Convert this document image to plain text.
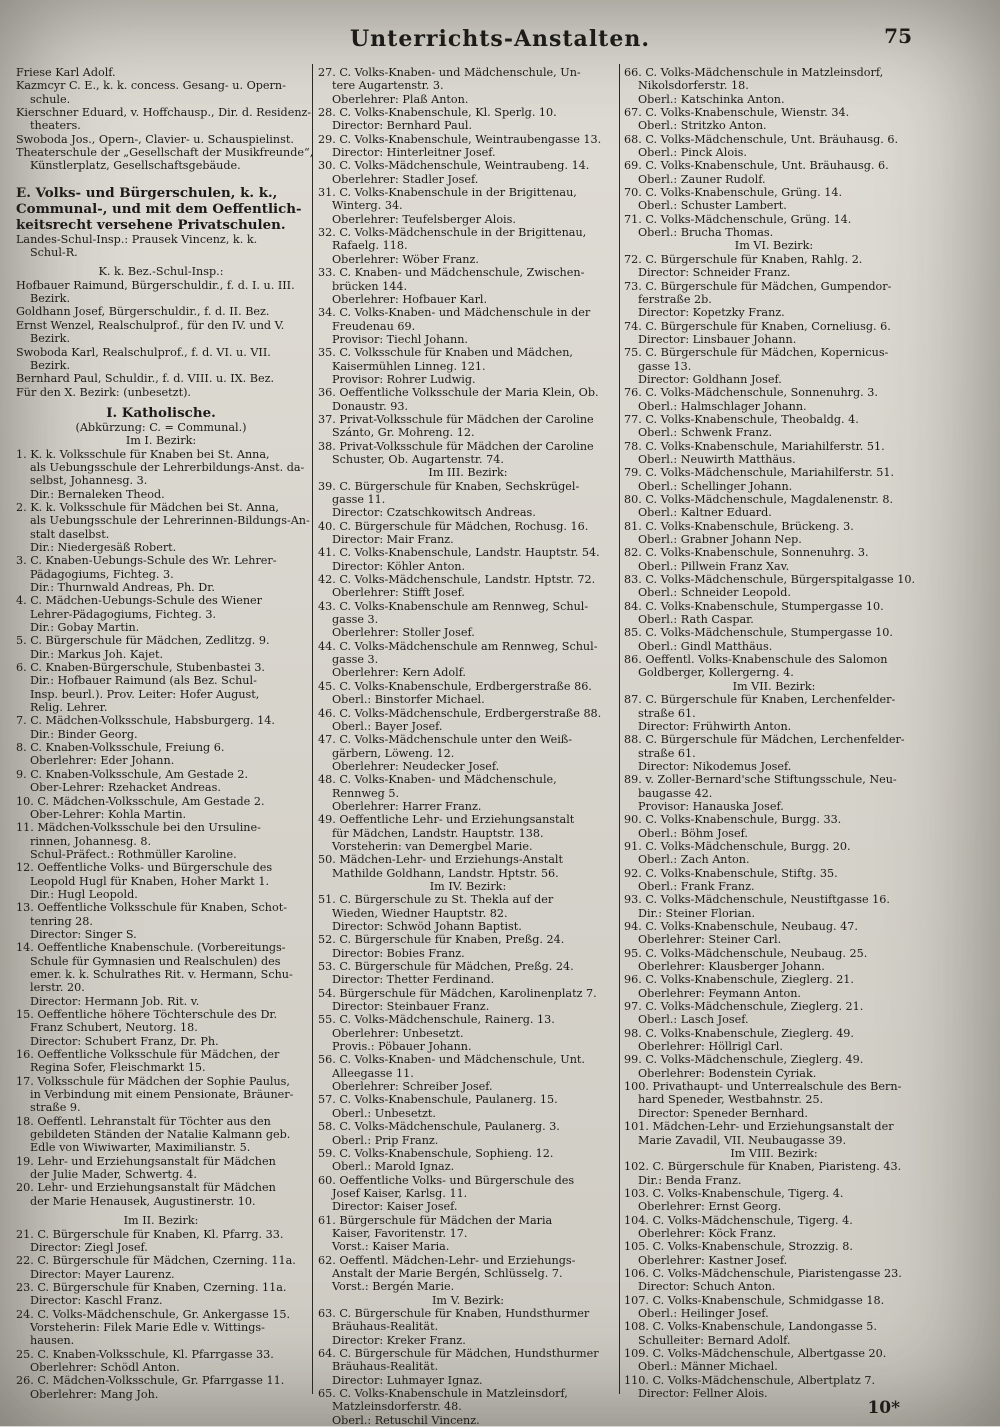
Unterrichts-Anstalten.	75
Friese Karl Adolf.
Kazmcyr C. E., k. k. concess. Gesang- u. Opern-
schule.
Kierschner Eduard, v. Hoffchausp., Dir. d. Residenz-
theaters.
Swoboda Jos., Opern-, Clavier- u. Schauspielinst.
Theaterschule der „Gesellschaft der Musikfreunde“,
Künstlerplatz, Gesellschaftsgebäude.
E. Volks- und Bürgerschulen, k. k.,
Communal-, und mit dem Oeffentlich-
keitsrecht versehene Privatschulen.
Landes-Schul-Insp.: Prausek Vincenz, k. k.
Schul-R.
K. k. Bez.-Schul-Insp.:
Hofbauer Raimund, Bürgerschuldir., f. d. I. u. III.
Bezirk.
Goldhann Josef, Bürgerschuldir., f. d. II. Bez.
Ernst Wenzel, Realschulprof., für den IV. und V.
Bezirk.
Swoboda Karl, Realschulprof., f. d. VI. u. VII.
Bezirk.
Bernhard Paul, Schuldir., f. d. VIII. u. IX. Bez.
Für den X. Bezirk: (unbesetzt).
I. Katholische.
(Abkürzung: C. = Communal.)
Im I. Bezirk:
1. K. k. Volksschule für Knaben bei St. Anna,
als Uebungsschule der Lehrerbildungs-Anst. da-
selbst, Johannesg. 3.
Dir.: Bernaleken Theod.
2. K. k. Volksschule für Mädchen bei St. Anna,
als Uebungsschule der Lehrerinnen-Bildungs-An-
stalt daselbst.
Dir.: Niedergesäß Robert.
3. C. Knaben-Uebungs-Schule des Wr. Lehrer-
Pädagogiums, Fichteg. 3.
Dir.: Thurnwald Andreas, Ph. Dr.
4. C. Mädchen-Uebungs-Schule des Wiener
Lehrer-Pädagogiums, Fichteg. 3.
Dir.: Gobay Martin.
5. C. Bürgerschule für Mädchen, Zedlitzg. 9.
Dir.: Markus Joh. Kajet.
6. C. Knaben-Bürgerschule, Stubenbastei 3.
Dir.: Hofbauer Raimund (als Bez. Schul-
Insp. beurl.). Prov. Leiter: Hofer August,
Relig. Lehrer.
7. C. Mädchen-Volksschule, Habsburgerg. 14.
Dir.: Binder Georg.
8. C. Knaben-Volksschule, Freiung 6.
Oberlehrer: Eder Johann.
9. C. Knaben-Volksschule, Am Gestade 2.
Ober-Lehrer: Rzehacket Andreas.
10. C. Mädchen-Volksschule, Am Gestade 2.
Ober-Lehrer: Kohla Martin.
11. Mädchen-Volksschule bei den Ursuline-
rinnen, Johannesg. 8.
Schul-Präfect.: Rothmüller Karoline.
12. Oeffentliche Volks- und Bürgerschule des
Leopold Hugl für Knaben, Hoher Markt 1.
Dir.: Hugl Leopold.
13. Oeffentliche Volksschule für Knaben, Schot-
tenring 28.
Director: Singer S.
14. Oeffentliche Knabenschule. (Vorbereitungs-
Schule für Gymnasien und Realschulen) des
emer. k. k. Schulrathes Rit. v. Hermann, Schu-
lerstr. 20.
Director: Hermann Job. Rit. v.
15. Oeffentliche höhere Töchterschule des Dr.
Franz Schubert, Neutorg. 18.
Director: Schubert Franz, Dr. Ph.
16. Oeffentliche Volksschule für Mädchen, der
Regina Sofer, Fleischmarkt 15.
17. Volksschule für Mädchen der Sophie Paulus,
in Verbindung mit einem Pensionate, Bräuner-
straße 9.
18. Oeffentl. Lehranstalt für Töchter aus den
gebildeten Ständen der Natalie Kalmann geb.
Edle von Wiwiwarter, Maximilianstr. 5.
19. Lehr- und Erziehungsanstalt für Mädchen
der Julie Mader, Schwertg. 4.
20. Lehr- und Erziehungsanstalt für Mädchen
der Marie Henausek, Augustinerstr. 10.
Im II. Bezirk:
21. C. Bürgerschule für Knaben, Kl. Pfarrg. 33.
Director: Ziegl Josef.
22. C. Bürgerschule für Mädchen, Czerning. 11a.
Director: Mayer Laurenz.
23. C. Bürgerschule für Knaben, Czerning. 11a.
Director: Kaschl Franz.
24. C. Volks-Mädchenschule, Gr. Ankergasse 15.
Vorsteherin: Filek Marie Edle v. Wittings-
hausen.
25. C. Knaben-Volksschule, Kl. Pfarrgasse 33.
Oberlehrer: Schödl Anton.
26. C. Mädchen-Volksschule, Gr. Pfarrgasse 11.
Oberlehrer: Mang Joh.
27. C. Volks-Knaben- und Mädchenschule, Un-
tere Augartenstr. 3.
Oberlehrer: Plaß Anton.
28. C. Volks-Knabenschule, Kl. Sperlg. 10.
Director: Bernhard Paul.
29. C. Volks-Knabenschule, Weintraubengasse 13.
Director: Hinterleitner Josef.
30. C. Volks-Mädchenschule, Weintraubeng. 14.
Oberlehrer: Stadler Josef.
31. C. Volks-Knabenschule in der Brigittenau,
Winterg. 34.
Oberlehrer: Teufelsberger Alois.
32. C. Volks-Mädchenschule in der Brigittenau,
Rafaelg. 118.
Oberlehrer: Wöber Franz.
33. C. Knaben- und Mädchenschule, Zwischen-
brücken 144.
Oberlehrer: Hofbauer Karl.
34. C. Volks-Knaben- und Mädchenschule in der
Freudenau 69.
Provisor: Tiechl Johann.
35. C. Volksschule für Knaben und Mädchen,
Kaisermühlen Linneg. 121.
Provisor: Rohrer Ludwig.
36. Oeffentliche Volksschule der Maria Klein, Ob.
Donaustr. 93.
37. Privat-Volksschule für Mädchen der Caroline
Szánto, Gr. Mohreng. 12.
38. Privat-Volksschule für Mädchen der Caroline
Schuster, Ob. Augartenstr. 74.
Im III. Bezirk:
39. C. Bürgerschule für Knaben, Sechskrügel-
gasse 11.
Director: Czatschkowitsch Andreas.
40. C. Bürgerschule für Mädchen, Rochusg. 16.
Director: Mair Franz.
41. C. Volks-Knabenschule, Landstr. Hauptstr. 54.
Director: Köhler Anton.
42. C. Volks-Mädchenschule, Landstr. Hptstr. 72.
Oberlehrer: Stifft Josef.
43. C. Volks-Knabenschule am Rennweg, Schul-
gasse 3.
Oberlehrer: Stoller Josef.
44. C. Volks-Mädchenschule am Rennweg, Schul-
gasse 3.
Oberlehrer: Kern Adolf.
45. C. Volks-Knabenschule, Erdbergerstraße 86.
Oberl.: Binstorfer Michael.
46. C. Volks-Mädchenschule, Erdbergerstraße 88.
Oberl.: Bayer Josef.
47. C. Volks-Mädchenschule unter den Weiß-
gärbern, Löweng. 12.
Oberlehrer: Neudecker Josef.
48. C. Volks-Knaben- und Mädchenschule,
Rennweg 5.
Oberlehrer: Harrer Franz.
49. Oeffentliche Lehr- und Erziehungsanstalt
für Mädchen, Landstr. Hauptstr. 138.
Vorsteherin: van Demergbel Marie.
50. Mädchen-Lehr- und Erziehungs-Anstalt
Mathilde Goldhann, Landstr. Hptstr. 56.
Im IV. Bezirk:
51. C. Bürgerschule zu St. Thekla auf der
Wieden, Wiedner Hauptstr. 82.
Director: Schwöd Johann Baptist.
52. C. Bürgerschule für Knaben, Preßg. 24.
Director: Bobies Franz.
53. C. Bürgerschule für Mädchen, Preßg. 24.
Director: Thetter Ferdinand.
54. Bürgerschule für Mädchen, Karolinenplatz 7.
Director: Steinbauer Franz.
55. C. Volks-Mädchenschule, Rainerg. 13.
Oberlehrer: Unbesetzt.
Provis.: Pöbauer Johann.
56. C. Volks-Knaben- und Mädchenschule, Unt.
Alleegasse 11.
Oberlehrer: Schreiber Josef.
57. C. Volks-Knabenschule, Paulanerg. 15.
Oberl.: Unbesetzt.
58. C. Volks-Mädchenschule, Paulanerg. 3.
Oberl.: Prip Franz.
59. C. Volks-Knabenschule, Sophieng. 12.
Oberl.: Marold Ignaz.
60. Oeffentliche Volks- und Bürgerschule des
Josef Kaiser, Karlsg. 11.
Director: Kaiser Josef.
61. Bürgerschule für Mädchen der Maria
Kaiser, Favoritenstr. 17.
Vorst.: Kaiser Maria.
62. Oeffentl. Mädchen-Lehr- und Erziehungs-
Anstalt der Marie Bergén, Schlüsselg. 7.
Vorst.: Bergén Marie.
Im V. Bezirk:
63. C. Bürgerschule für Knaben, Hundsthurmer
Bräuhaus-Realität.
Director: Kreker Franz.
64. C. Bürgerschule für Mädchen, Hundsthurmer
Bräuhaus-Realität.
Director: Luhmayer Ignaz.
65. C. Volks-Knabenschule in Matzleinsdorf,
Matzleinsdorferstr. 48.
Oberl.: Retuschil Vincenz.
66. C. Volks-Mädchenschule in Matzleinsdorf,
Nikolsdorferstr. 18.
Oberl.: Katschinka Anton.
67. C. Volks-Knabenschule, Wienstr. 34.
Oberl.: Stritzko Anton.
68. C. Volks-Mädchenschule, Unt. Bräuhausg. 6.
Oberl.: Pinck Alois.
69. C. Volks-Knabenschule, Unt. Bräuhausg. 6.
Oberl.: Zauner Rudolf.
70. C. Volks-Knabenschule, Grüng. 14.
Oberl.: Schuster Lambert.
71. C. Volks-Mädchenschule, Grüng. 14.
Oberl.: Brucha Thomas.
Im VI. Bezirk:
72. C. Bürgerschule für Knaben, Rahlg. 2.
Director: Schneider Franz.
73. C. Bürgerschule für Mädchen, Gumpendor-
ferstraße 2b.
Director: Kopetzky Franz.
74. C. Bürgerschule für Knaben, Corneliusg. 6.
Director: Linsbauer Johann.
75. C. Bürgerschule für Mädchen, Kopernicus-
gasse 13.
Director: Goldhann Josef.
76. C. Volks-Mädchenschule, Sonnenuhrg. 3.
Oberl.: Halmschlager Johann.
77. C. Volks-Knabenschule, Theobaldg. 4.
Oberl.: Schwenk Franz.
78. C. Volks-Knabenschule, Mariahilferstr. 51.
Oberl.: Neuwirth Matthäus.
79. C. Volks-Mädchenschule, Mariahilferstr. 51.
Oberl.: Schellinger Johann.
80. C. Volks-Mädchenschule, Magdalenenstr. 8.
Oberl.: Kaltner Eduard.
81. C. Volks-Knabenschule, Brückeng. 3.
Oberl.: Grabner Johann Nep.
82. C. Volks-Knabenschule, Sonnenuhrg. 3.
Oberl.: Pillwein Franz Xav.
83. C. Volks-Mädchenschule, Bürgerspitalgasse 10.
Oberl.: Schneider Leopold.
84. C. Volks-Knabenschule, Stumpergasse 10.
Oberl.: Rath Caspar.
85. C. Volks-Mädchenschule, Stumpergasse 10.
Oberl.: Gindl Matthäus.
86. Oeffentl. Volks-Knabenschule des Salomon
Goldberger, Kollergerng. 4.
Im VII. Bezirk:
87. C. Bürgerschule für Knaben, Lerchenfelder-
straße 61.
Director: Frühwirth Anton.
88. C. Bürgerschule für Mädchen, Lerchenfelder-
straße 61.
Director: Nikodemus Josef.
89. v. Zoller-Bernard'sche Stiftungsschule, Neu-
baugasse 42.
Provisor: Hanauska Josef.
90. C. Volks-Knabenschule, Burgg. 33.
Oberl.: Böhm Josef.
91. C. Volks-Mädchenschule, Burgg. 20.
Oberl.: Zach Anton.
92. C. Volks-Knabenschule, Stiftg. 35.
Oberl.: Frank Franz.
93. C. Volks-Mädchenschule, Neustiftgasse 16.
Dir.: Steiner Florian.
94. C. Volks-Knabenschule, Neubaug. 47.
Oberlehrer: Steiner Carl.
95. C. Volks-Mädchenschule, Neubaug. 25.
Oberlehrer: Klausberger Johann.
96. C. Volks-Knabenschule, Zieglerg. 21.
Oberlehrer: Feymann Anton.
97. C. Volks-Mädchenschule, Zieglerg. 21.
Oberl.: Lasch Josef.
98. C. Volks-Knabenschule, Zieglerg. 49.
Oberlehrer: Höllrigl Carl.
99. C. Volks-Mädchenschule, Zieglerg. 49.
Oberlehrer: Bodenstein Cyriak.
100. Privathaupt- und Unterrealschule des Bern-
hard Speneder, Westbahnstr. 25.
Director: Speneder Bernhard.
101. Mädchen-Lehr- und Erziehungsanstalt der
Marie Zavadil, VII. Neubaugasse 39.
Im VIII. Bezirk:
102. C. Bürgerschule für Knaben, Piaristeng. 43.
Dir.: Benda Franz.
103. C. Volks-Knabenschule, Tigerg. 4.
Oberlehrer: Ernst Georg.
104. C. Volks-Mädchenschule, Tigerg. 4.
Oberlehrer: Köck Franz.
105. C. Volks-Knabenschule, Strozzig. 8.
Oberlehrer: Kastner Josef.
106. C. Volks-Mädchenschule, Piaristengasse 23.
Director: Schuch Anton.
107. C. Volks-Knabenschule, Schmidgasse 18.
Oberl.: Heilinger Josef.
108. C. Volks-Knabenschule, Landongasse 5.
Schulleiter: Bernard Adolf.
109. C. Volks-Mädchenschule, Albertgasse 20.
Oberl.: Männer Michael.
110. C. Volks-Mädchenschule, Albertplatz 7.
Director: Fellner Alois.
10*
